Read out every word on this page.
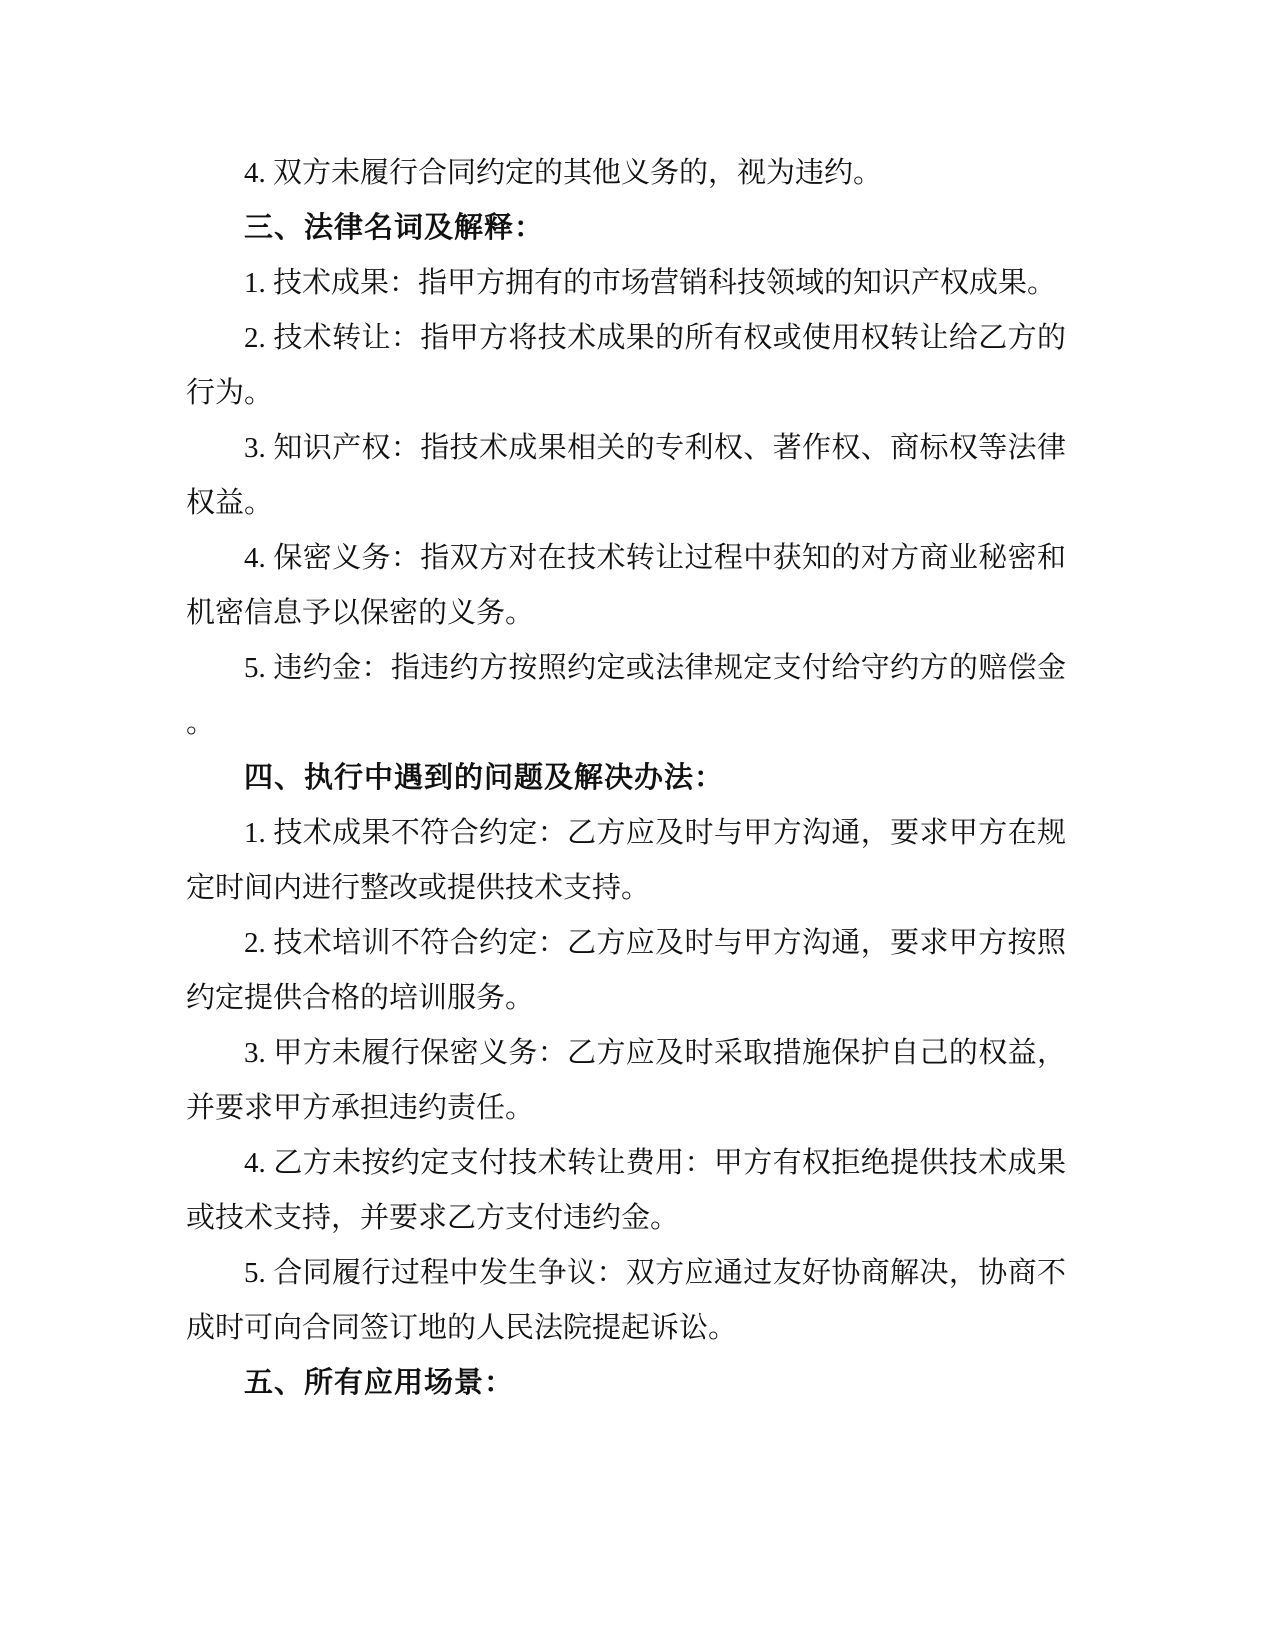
4. 双方未履行合同约定的其他义务的，视为违约。

三、法律名词及解释：

1. 技术成果：指甲方拥有的市场营销科技领域的知识产权成果。

2. 技术转让：指甲方将技术成果的所有权或使用权转让给乙方的行为。

3. 知识产权：指技术成果相关的专利权、著作权、商标权等法律权益。

4. 保密义务：指双方对在技术转让过程中获知的对方商业秘密和机密信息予以保密的义务。

5. 违约金：指违约方按照约定或法律规定支付给守约方的赔偿金。

四、执行中遇到的问题及解决办法：

1. 技术成果不符合约定：乙方应及时与甲方沟通，要求甲方在规定时间内进行整改或提供技术支持。

2. 技术培训不符合约定：乙方应及时与甲方沟通，要求甲方按照约定提供合格的培训服务。

3. 甲方未履行保密义务：乙方应及时采取措施保护自己的权益，并要求甲方承担违约责任。

4. 乙方未按约定支付技术转让费用：甲方有权拒绝提供技术成果或技术支持，并要求乙方支付违约金。

5. 合同履行过程中发生争议：双方应通过友好协商解决，协商不成时可向合同签订地的人民法院提起诉讼。

五、所有应用场景：
